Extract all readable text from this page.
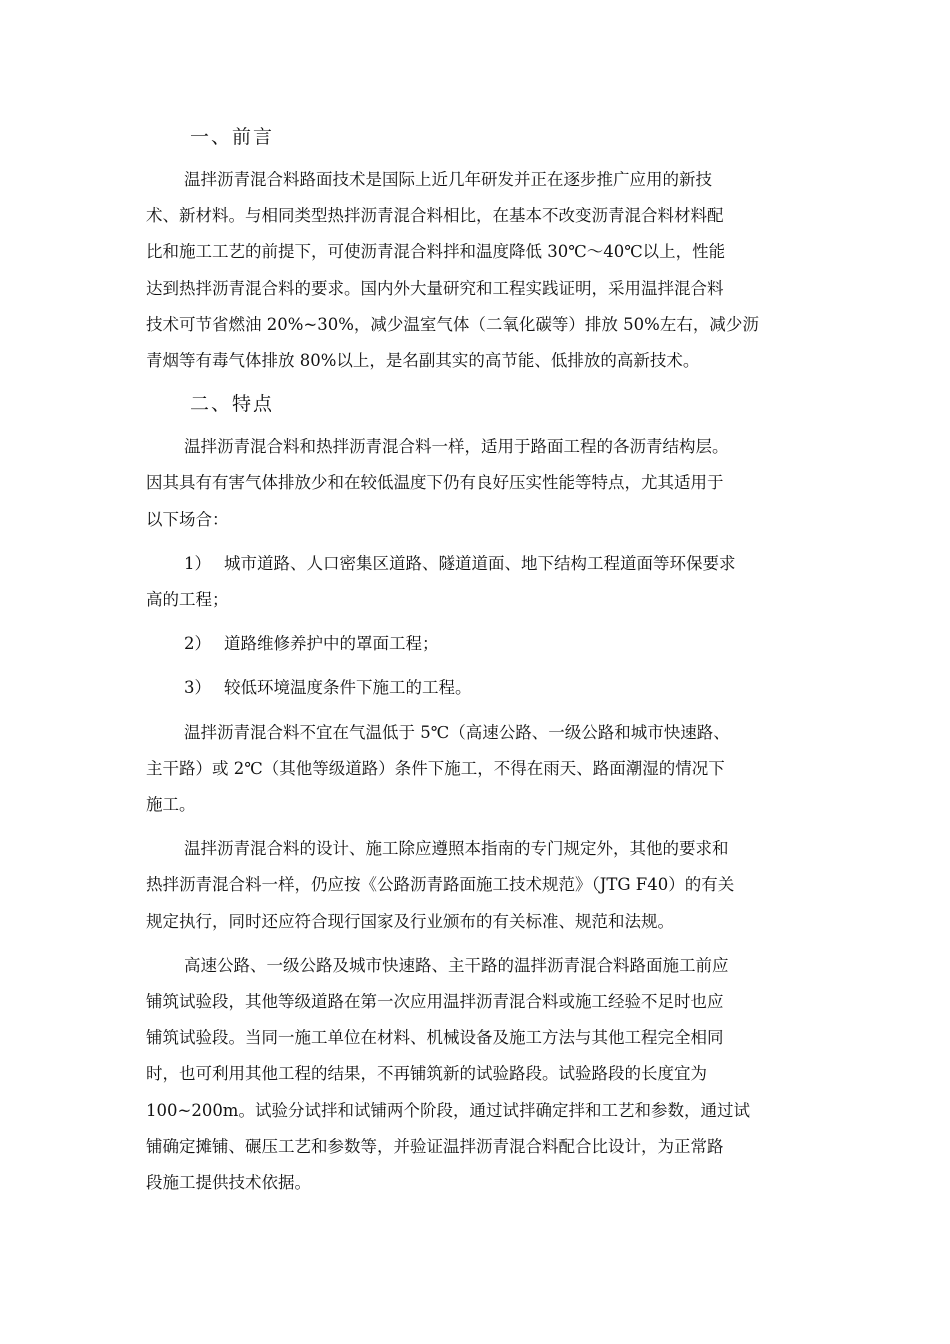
一、前言
温拌沥青混合料路面技术是国际上近几年研发并正在逐步推广应用的新技
术、新材料。与相同类型热拌沥青混合料相比，在基本不改变沥青混合料材料配
比和施工工艺的前提下，可使沥青混合料拌和温度降低 30℃～40℃以上，性能
达到热拌沥青混合料的要求。国内外大量研究和工程实践证明，采用温拌混合料
技术可节省燃油 20%~30%，减少温室气体（二氧化碳等）排放 50%左右，减少沥
青烟等有毒气体排放 80%以上，是名副其实的高节能、低排放的高新技术。
二、特点
温拌沥青混合料和热拌沥青混合料一样，适用于路面工程的各沥青结构层。
因其具有有害气体排放少和在较低温度下仍有良好压实性能等特点，尤其适用于
以下场合：
1） 城市道路、人口密集区道路、隧道道面、地下结构工程道面等环保要求
高的工程；
2） 道路维修养护中的罩面工程；
3） 较低环境温度条件下施工的工程。
温拌沥青混合料不宜在气温低于 5℃（高速公路、一级公路和城市快速路、
主干路）或 2℃（其他等级道路）条件下施工，不得在雨天、路面潮湿的情况下
施工。
温拌沥青混合料的设计、施工除应遵照本指南的专门规定外，其他的要求和
热拌沥青混合料一样，仍应按《公路沥青路面施工技术规范》（JTG F40）的有关
规定执行，同时还应符合现行国家及行业颁布的有关标准、规范和法规。
高速公路、一级公路及城市快速路、主干路的温拌沥青混合料路面施工前应
铺筑试验段，其他等级道路在第一次应用温拌沥青混合料或施工经验不足时也应
铺筑试验段。当同一施工单位在材料、机械设备及施工方法与其他工程完全相同
时，也可利用其他工程的结果，不再铺筑新的试验路段。试验路段的长度宜为
100~200m。试验分试拌和试铺两个阶段，通过试拌确定拌和工艺和参数，通过试
铺确定摊铺、碾压工艺和参数等，并验证温拌沥青混合料配合比设计，为正常路
段施工提供技术依据。
